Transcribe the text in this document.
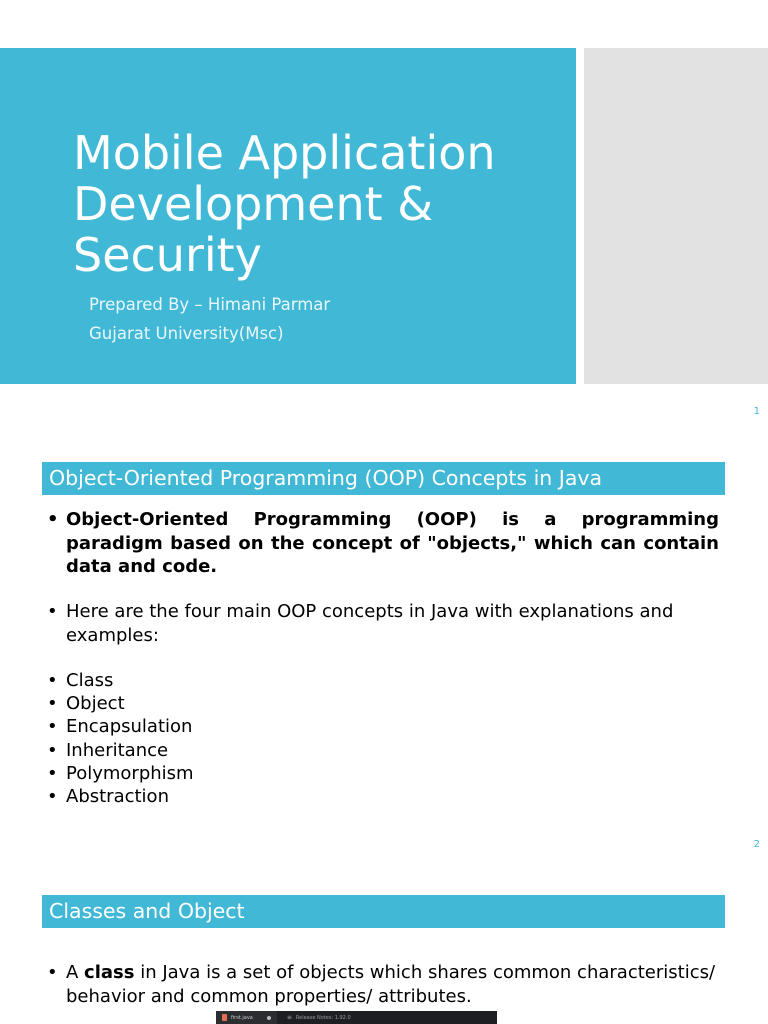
Mobile Application Development & Security
Prepared By – Himani Parmar
Gujarat University(Msc)
1
Object-Oriented Programming (OOP) Concepts in Java
• Object-Oriented Programming (OOP) is a programming paradigm based on the concept of "objects," which can contain data and code.
• Here are the four main OOP concepts in Java with explanations and examples:
• Class
• Object
• Encapsulation
• Inheritance
• Polymorphism
• Abstraction
2
Classes and Object
• A class in Java is a set of objects which shares common characteristics/ behavior and common properties/ attributes.
first.java	≡ Release Notes: 1.92.0
